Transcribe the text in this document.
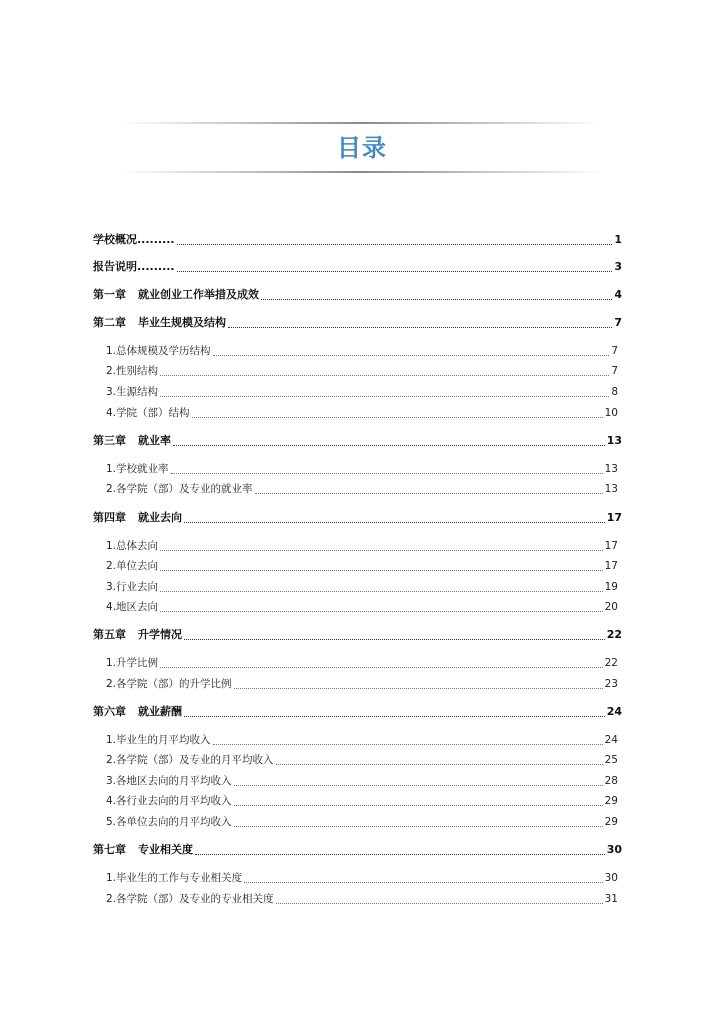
目录
学校概况.........	1
报告说明.........	3
第一章 就业创业工作举措及成效	4
第二章 毕业生规模及结构	7
1.总体规模及学历结构	7
2.性别结构	7
3.生源结构	8
4.学院（部）结构	10
第三章 就业率	13
1.学校就业率	13
2.各学院（部）及专业的就业率	13
第四章 就业去向	17
1.总体去向	17
2.单位去向	17
3.行业去向	19
4.地区去向	20
第五章 升学情况	22
1.升学比例	22
2.各学院（部）的升学比例	23
第六章 就业薪酬	24
1.毕业生的月平均收入	24
2.各学院（部）及专业的月平均收入	25
3.各地区去向的月平均收入	28
4.各行业去向的月平均收入	29
5.各单位去向的月平均收入	29
第七章 专业相关度	30
1.毕业生的工作与专业相关度	30
2.各学院（部）及专业的专业相关度	31
